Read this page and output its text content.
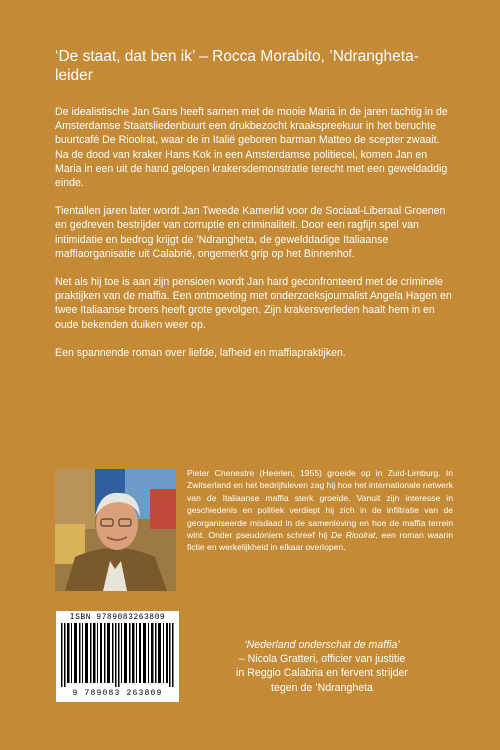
‘De staat, dat ben ik’ – Rocca Morabito, ’Ndrangheta-leider

De idealistische Jan Gans heeft samen met de mooie Maria in de jaren tachtig in de Amsterdamse Staatsliedenbuurt een drukbezocht kraakspreekuur in het beruchte buurtcafé De Rioolrat, waar de in Italië geboren barman Matteo de scepter zwaait. Na de dood van kraker Hans Kok in een Amsterdamse politiecel, komen Jan en Maria in een uit de hand gelopen krakersdemonstratie terecht met een geweldaddig einde.

Tientallen jaren later wordt Jan Tweede Kamerlid voor de Sociaal-Liberaal Groenen en gedreven bestrijder van corruptie en criminaliteit. Door een ragfijn spel van intimidatie en bedrog krijgt de ’Ndrangheta, de gewelddadige Italiaanse maffiaorganisatie uit Calabrië, ongemerkt grip op het Binnenhof.

Net als hij toe is aan zijn pensioen wordt Jan hard geconfronteerd met de criminele praktijken van de maffia. Een ontmoeting met onderzoeksjournalist Angela Hagen en twee Italiaanse broers heeft grote gevolgen. Zijn krakersverleden haalt hem in en oude bekenden duiken weer op.

Een spannende roman over liefde, lafheid en maffiapraktijken.

Pieter Chenestre (Heerlen, 1955) groeide op in Zuid-Limburg. In Zwitserland en het bedrijfsleven zag hij hoe het internationale netwerk van de Italiaanse maffia sterk groeide. Vanuit zijn interesse in geschiedenis en politiek verdiept hij zich in de infiltratie van de georganiseerde misdaad in de samenleving en hoe de maffia terrein wint. Onder pseudoniem schreef hij De Rioolrat, een roman waarin fictie en werkelijkheid in elkaar overlopen.
ISBN 9789083263809
9 789083 263809
‘Nederland onderschat de maffia’
– Nicola Gratteri, officier van justitie
in Reggio Calabria en fervent strijder
tegen de ’Ndrangheta
